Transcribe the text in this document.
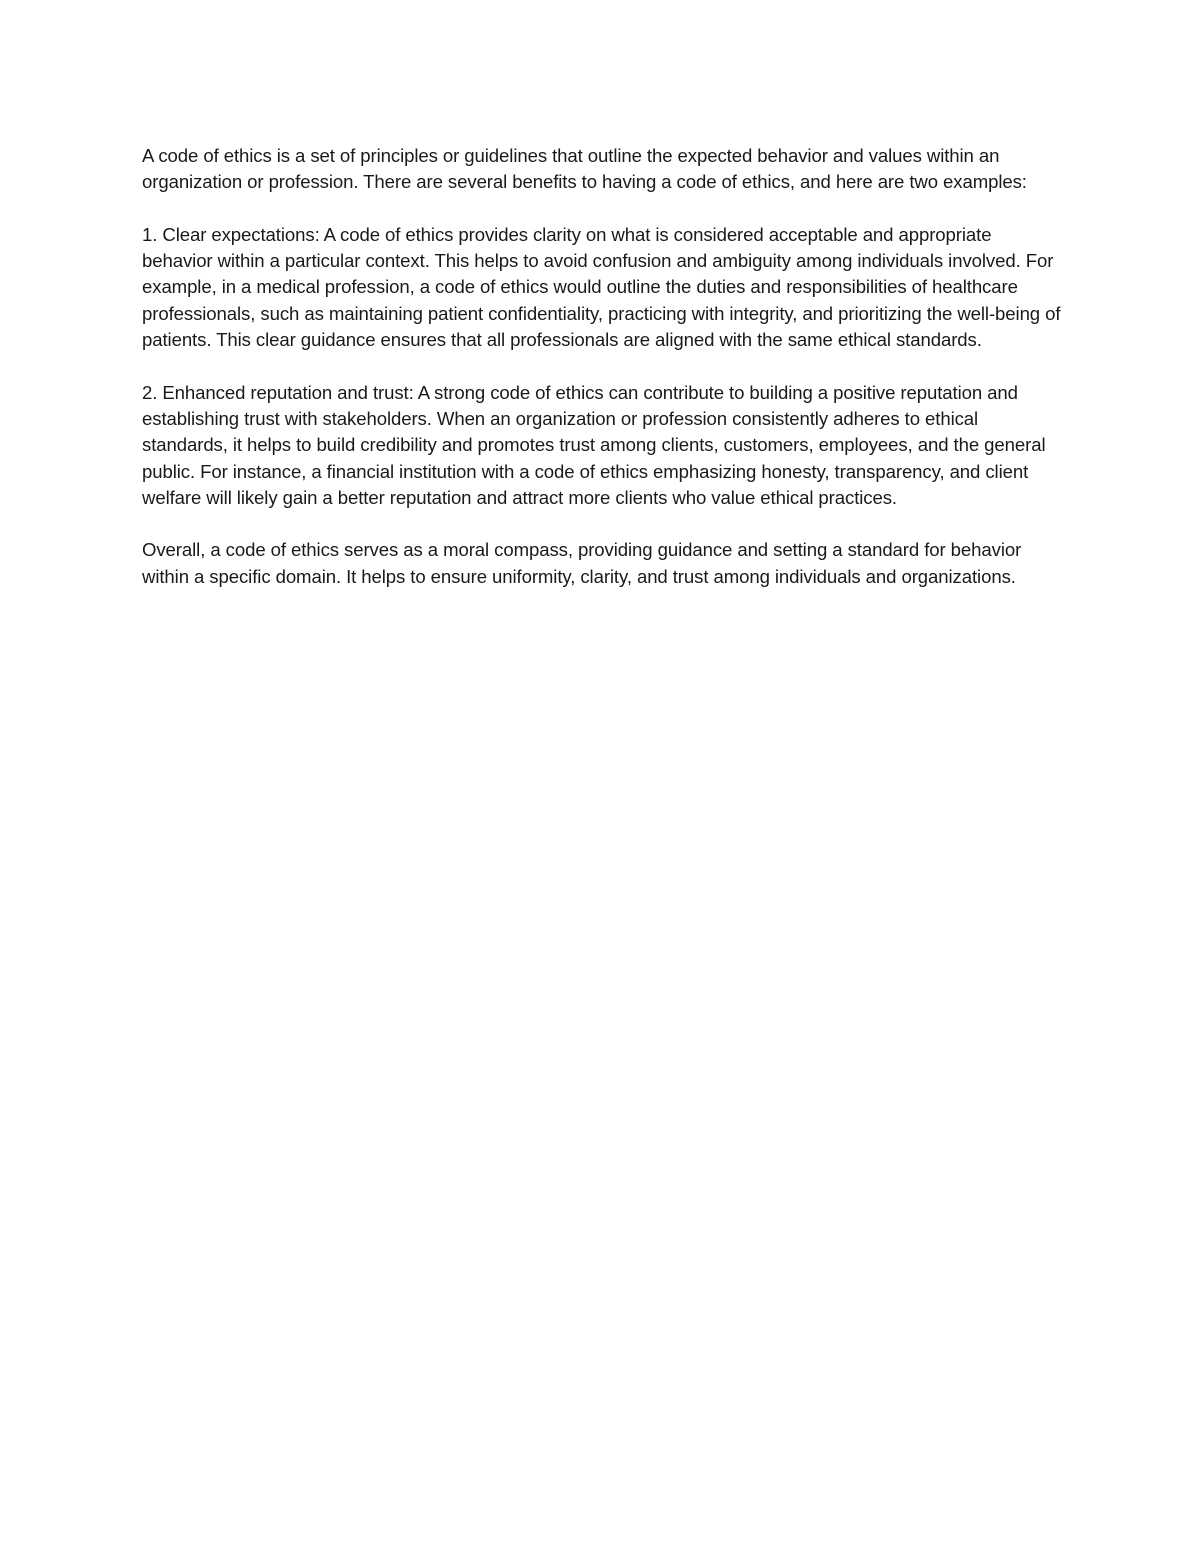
A code of ethics is a set of principles or guidelines that outline the expected behavior and values within an organization or profession. There are several benefits to having a code of ethics, and here are two examples:

1. Clear expectations: A code of ethics provides clarity on what is considered acceptable and appropriate behavior within a particular context. This helps to avoid confusion and ambiguity among individuals involved. For example, in a medical profession, a code of ethics would outline the duties and responsibilities of healthcare professionals, such as maintaining patient confidentiality, practicing with integrity, and prioritizing the well-being of patients. This clear guidance ensures that all professionals are aligned with the same ethical standards.

2. Enhanced reputation and trust: A strong code of ethics can contribute to building a positive reputation and establishing trust with stakeholders. When an organization or profession consistently adheres to ethical standards, it helps to build credibility and promotes trust among clients, customers, employees, and the general public. For instance, a financial institution with a code of ethics emphasizing honesty, transparency, and client welfare will likely gain a better reputation and attract more clients who value ethical practices.

Overall, a code of ethics serves as a moral compass, providing guidance and setting a standard for behavior within a specific domain. It helps to ensure uniformity, clarity, and trust among individuals and organizations.
